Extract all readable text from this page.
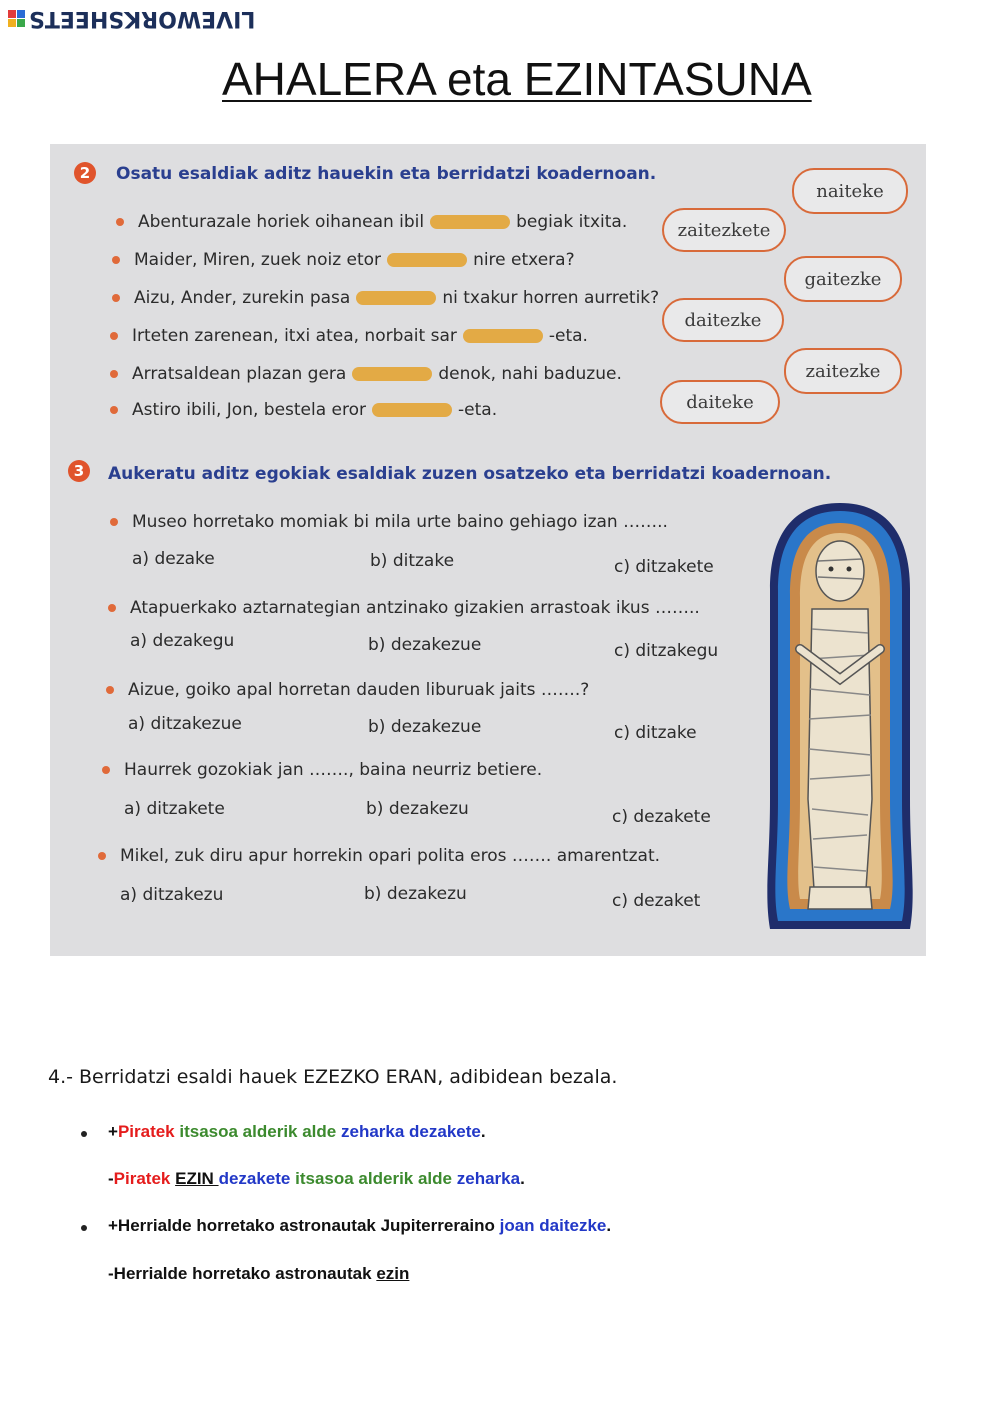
LIVEWORKSHEETS
AHALERA eta EZINTASUNA
2	Osatu esaldiak aditz hauekin eta berridatzi koadernoan.
Abenturazale horiek oihanean ibil	begiak itxita.
Maider, Miren, zuek noiz etor	nire etxera?
Aizu, Ander, zurekin pasa	ni txakur horren aurretik?
Irteten zarenean, itxi atea, norbait sar	-eta.
Arratsaldean plazan gera	denok, nahi baduzue.
Astiro ibili, Jon, bestela eror	-eta.
naiteke
zaitezkete
gaitezke
daitezke
zaitezke
daiteke
3	Aukeratu aditz egokiak esaldiak zuzen osatzeko eta berridatzi koadernoan.
Museo horretako momiak bi mila urte baino gehiago izan ……..
a) dezake	b) ditzake	c) ditzakete
Atapuerkako aztarnategian antzinako gizakien arrastoak ikus ……..
a) dezakegu	b) dezakezue	c) ditzakegu
Aizue, goiko apal horretan dauden liburuak jaits …….?
a) ditzakezue	b) dezakezue	c) ditzake
Haurrek gozokiak jan ……., baina neurriz betiere.
a) ditzakete	b) dezakezu	c) dezakete
Mikel, zuk diru apur horrekin opari polita eros ……. amarentzat.
a) ditzakezu	b) dezakezu	c) dezaket
4.- Berridatzi esaldi hauek EZEZKO ERAN, adibidean bezala.
+Piratek itsasoa alderik alde zeharka dezakete.
-Piratek EZIN dezakete itsasoa alderik alde zeharka.
+Herrialde horretako astronautak Jupiterreraino joan daitezke.
-Herrialde horretako astronautak ezin
